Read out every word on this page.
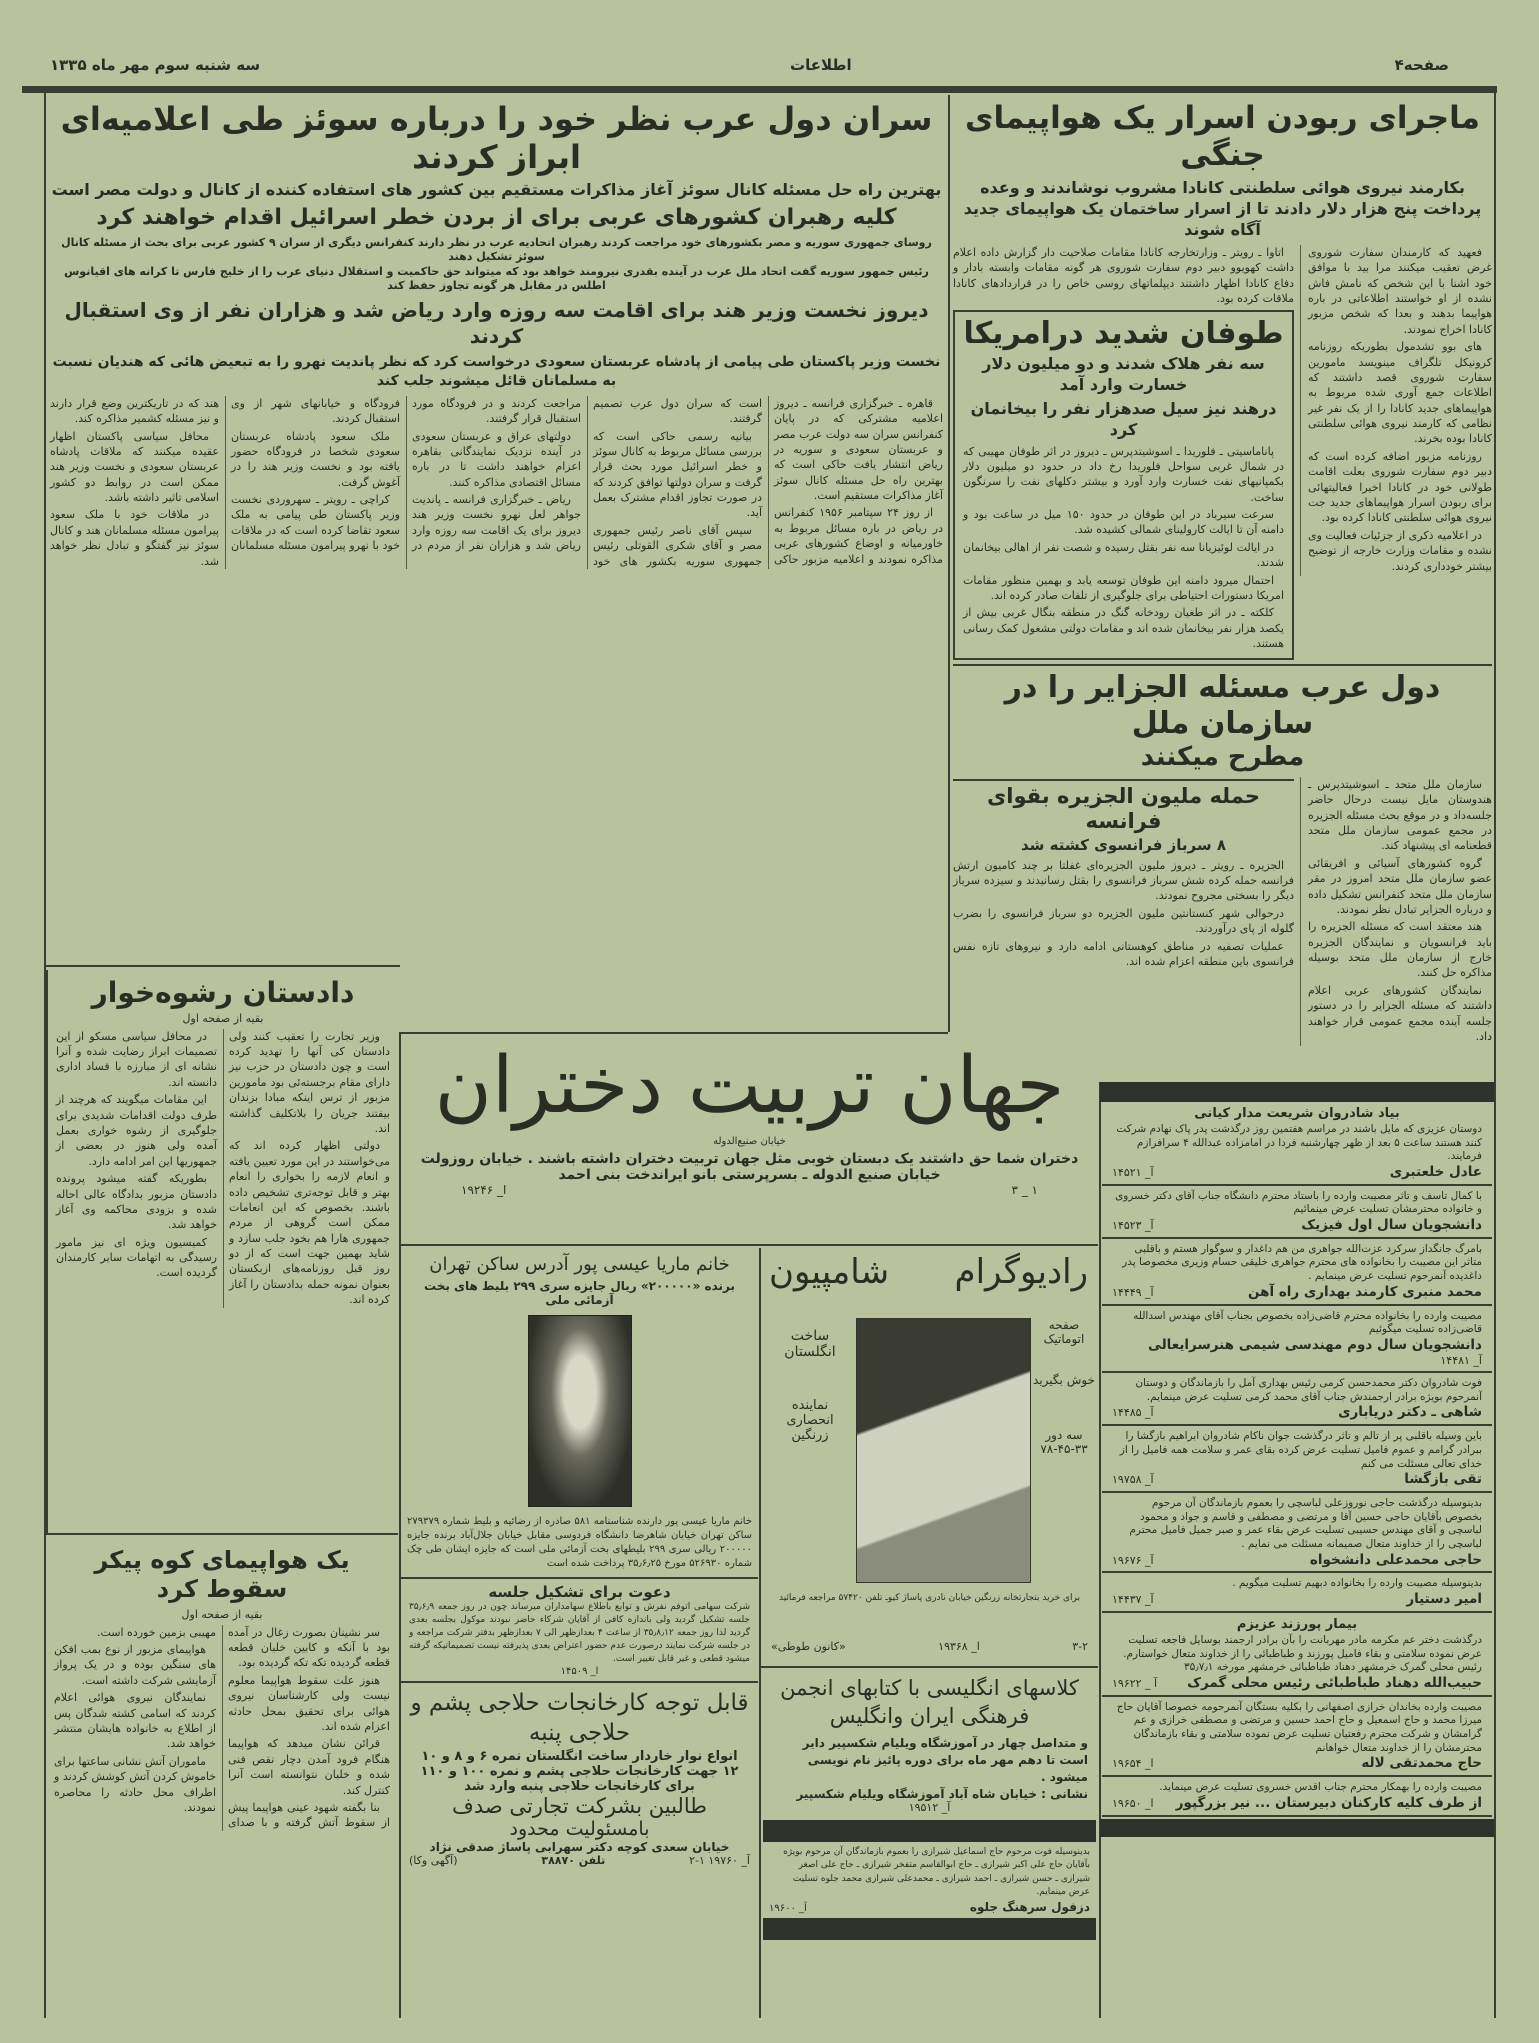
صفحه۴
اطلاعات
سه شنبه سوم مهر ماه ۱۳۳۵
ماجرای ربودن اسرار یک هواپیمای جنگی
بکارمند نیروی هوائی سلطنتی کانادا مشروب نوشاندند و وعده پرداخت پنج هزار دلار دادند تا از اسرار ساختمان یک هواپیمای جدید آگاه شوند

فعهید که کارمندان سفارت شوروی غرض تعقیب میکنند مرا بید با موافق خود اشنا با این شخص که نامش فاش نشده از او خواستند اطلاعاتی در باره هواپیما بدهند و بعدا که شخص مزبور کانادا اخراج نمودند.

های بوو تشدمول بطوریکه روزنامه کرونیکل تلگراف مینویسد مامورین سفارت شوروی قصد داشتند که اطلاعات جمع آوری شده مربوط به هواپیماهای جدید کانادا را از یک نفر غیر نظامی که کارمند نیروی هوائی سلطنتی کانادا بوده بخرند.

روزنامه مزبور اضافه کرده است که دبیر دوم سفارت شوروی بعلت اقامت طولانی خود در کانادا اخیرا فعالیتهائی برای ربودن اسرار هواپیماهای جدید جت نیروی هوائی سلطنتی کانادا کرده بود.

در اعلامیه ذکری از جزئیات فعالیت وی نشده و مقامات وزارت خارجه از توضیح بیشتر خودداری کردند.

اتاوا ـ رویتر ـ وزارتخارجه کانادا مقامات صلاحیت دار گزارش داده اعلام داشت کهویوو دبیر دوم سفارت شوروی هر گونه مقامات وابسته بادار و دفاع کانادا اظهار داشتند دیپلماتهای روسی خاص را در قراردادهای کانادا ملاقات کرده بود.

طوفان شدید درامریکا
سه نفر هلاک شدند و دو میلیون دلار خسارت وارد آمد
درهند نیز سیل صدهزار نفر را بیخانمان کرد

پاناماسیتی ـ فلوریدا ـ اسوشیتدپرس ـ دیروز در اثر طوفان مهیبی که در شمال غربی سواحل فلوریدا رخ داد در حدود دو میلیون دلار بکمپانیهای نفت خسارت وارد آورد و بیشتر دکلهای نفت را سرنگون ساخت.

سرعت سیرباد در این طوفان در حدود ۱۵۰ میل در ساعت بود و دامنه آن تا ایالت کارولینای شمالی کشیده شد.

در ایالت لوئیزیانا سه نفر بقتل رسیده و شصت نفر از اهالی بیخانمان شدند.

احتمال میرود دامنه این طوفان توسعه یابد و بهمین منظور مقامات امریکا دستورات احتیاطی برای جلوگیری از تلفات صادر کرده اند.

کلکته ـ در اثر طغیان رودخانه گنگ در منطقه بنگال غربی بیش از یکصد هزار نفر بیخانمان شده اند و مقامات دولتی مشغول کمک رسانی هستند.

دول عرب مسئله الجزایر را در سازمان ملل
مطرح میکنند

سازمان ملل متحد ـ اسوشیتدپرس ـ هندوستان مایل نیست درحال حاضر جلسه‌داد و در موقع بحث مسئله الجزیره در مجمع عمومی سازمان ملل متحد قطعنامه ای پیشنهاد کند.

گروه کشورهای آسیائی و افریقائی عضو سازمان ملل متحد امروز در مقر سازمان ملل متحد کنفرانس تشکیل داده و درباره الجزایر تبادل نظر نمودند.

هند معتقد است که مسئله الجزیره را باید فرانسویان و نمایندگان الجزیره خارج از سازمان ملل متحد بوسیله مذاکره حل کنند.

نمایندگان کشورهای عربی اعلام داشتند که مسئله الجزایر را در دستور جلسه آینده مجمع عمومی قرار خواهند داد.

حمله ملیون الجزیره بقوای فرانسه
۸ سرباز فرانسوی کشته شد

الجزیره ـ رویتر ـ دیروز ملیون الجزیره‌ای غفلتا بر چند کامیون ارتش فرانسه حمله کرده شش سرباز فرانسوی را بقتل رسانیدند و سیزده سرباز دیگر را بسختی مجروح نمودند.

درحوالی شهر کنستانتین ملیون الجزیره دو سرباز فرانسوی را بضرب گلوله از پای درآوردند.

عملیات تصفیه در مناطق کوهستانی ادامه دارد و نیروهای تازه نفس فرانسوی باین منطقه اعزام شده اند.

سران دول عرب نظر خود را درباره سوئز طی اعلامیه‌ای ابراز کردند
بهترین راه حل مسئله کانال سوئز آغاز مذاکرات مستقیم بین کشور های استفاده کننده از کانال و دولت مصر است
کلیه رهبران کشورهای عربی برای از بردن خطر اسرائیل اقدام خواهند کرد
روسای جمهوری سوریه و مصر بکشورهای خود مراجعت کردند رهبران اتحادیه عرب در نظر دارند کنفرانس دیگری از سران ۹ کشور عربی برای بحث از مسئله کانال سوئز تشکیل دهند
رئیس جمهور سوریه گفت اتحاد ملل عرب در آینده بقدری نیرومند خواهد بود که میتواند حق حاکمیت و استقلال دنیای عرب را از خلیج فارس تا کرانه های اقیانوس اطلس در مقابل هر گونه تجاوز حفظ کند
دیروز نخست وزیر هند برای اقامت سه روزه وارد ریاض شد و هزاران نفر از وی استقبال کردند
نخست وزیر پاکستان طی پیامی از پادشاه عربستان سعودی درخواست کرد که نظر پاندیت نهرو را به تبعیض هائی که هندیان نسبت به مسلمانان قائل میشوند جلب کند

قاهره ـ خبرگزاری فرانسه ـ دیروز اعلامیه مشترکی که در پایان کنفرانس سران سه دولت عرب مصر و عربستان سعودی و سوریه در ریاض انتشار یافت حاکی است که بهترین راه حل مسئله کانال سوئز آغاز مذاکرات مستقیم است.

از روز ۲۴ سپتامبر ۱۹۵۶ کنفرانس در ریاض در باره مسائل مربوط به خاورمیانه و اوضاع کشورهای عربی مذاکره نمودند و اعلامیه مزبور حاکی است که سران دول عرب تصمیم گرفتند.

بیانیه رسمی حاکی است که بررسی مسائل مربوط به کانال سوئز و خطر اسرائیل مورد بحث قرار گرفت و سران دولتها توافق کردند که در صورت تجاوز اقدام مشترک بعمل آید.

سپس آقای ناصر رئیس جمهوری مصر و آقای شکری القوتلی رئیس جمهوری سوریه بکشور های خود مراجعت کردند و در فرودگاه مورد استقبال قرار گرفتند.

دولتهای عراق و عربستان سعودی در آینده نزدیک نمایندگانی بقاهره اعزام خواهند داشت تا در باره مسائل اقتصادی مذاکره کنند.

ریاض ـ خبرگزاری فرانسه ـ پاندیت جواهر لعل نهرو نخست وزیر هند دیروز برای یک اقامت سه روزه وارد ریاض شد و هزاران نفر از مردم در فرودگاه و خیابانهای شهر از وی استقبال کردند.

ملک سعود پادشاه عربستان سعودی شخصا در فرودگاه حضور یافته بود و نخست وزیر هند را در آغوش گرفت.

کراچی ـ رویتر ـ سهروردی نخست وزیر پاکستان طی پیامی به ملک سعود تقاضا کرده است که در ملاقات خود با نهرو پیرامون مسئله مسلمانان هند که در تاریکترین وضع قرار دارند و نیز مسئله کشمیر مذاکره کند.

محافل سیاسی پاکستان اظهار عقیده میکنند که ملاقات پادشاه عربستان سعودی و نخست وزیر هند ممکن است در روابط دو کشور اسلامی تاثیر داشته باشد.

در ملاقات خود با ملک سعود پیرامون مسئله مسلمانان هند و کانال سوئز نیز گفتگو و تبادل نظر خواهد شد.

دادستان رشوه‌خوار
بقیه از صفحه اول

وزیر تجارت را تعقیب کنند ولی دادستان کی آنها را تهدید کرده است و چون دادستان در حزب نیز دارای مقام برجسته‌ئی بود مامورین مزبور از ترس اینکه مبادا بزندان بیفتند جریان را بلاتکلیف گذاشته اند.

دولتی اظهار کرده اند که می‌خواستند در این مورد تعیین یافته و انعام لازمه را بخواری را انعام بهتر و قابل توجه‌تری تشخیص داده باشند. بخصوص که این انعامات ممکن است گروهی از مردم جمهوری هارا هم بخود جلب سازد و شاید بهمین جهت است که از دو روز قبل روزنامه‌های ازبکستان بعنوان نمونه حمله بدادستان را آغاز کرده اند.

در محافل سیاسی مسکو از این تصمیمات ابراز رضایت شده و آنرا نشانه ای از مبارزه با فساد اداری دانسته اند.

این مقامات میگویند که هرچند از طرف دولت اقدامات شدیدی برای جلوگیری از رشوه خواری بعمل آمده ولی هنوز در بعضی از جمهوریها این امر ادامه دارد.

بطوریکه گفته میشود پرونده دادستان مزبور بدادگاه عالی احاله شده و بزودی محاکمه وی آغاز خواهد شد.

کمیسیون ویژه ای نیز مامور رسیدگی به اتهامات سایر کارمندان گردیده است.

یک هواپیمای کوه پیکر سقوط کرد
بقیه از صفحه اول

سر نشینان بصورت زغال در آمده بود با آنکه و کابین خلبان قطعه قطعه گردیده تکه تکه گردیده بود.

هنوز علت سقوط هواپیما معلوم نیست ولی کارشناسان نیروی هوائی برای تحقیق بمحل حادثه اعزام شده اند.

قرائن نشان میدهد که هواپیما هنگام فرود آمدن دچار نقص فنی شده و خلبان نتوانسته است آنرا کنترل کند.

بنا بگفته شهود عینی هواپیما پیش از سقوط آتش گرفته و با صدای مهیبی بزمین خورده است.

هواپیمای مزبور از نوع بمب افکن های سنگین بوده و در یک پرواز آزمایشی شرکت داشته است.

نمایندگان نیروی هوائی اعلام کردند که اسامی کشته شدگان پس از اطلاع به خانواده هایشان منتشر خواهد شد.

ماموران آتش نشانی ساعتها برای خاموش کردن آتش کوشش کردند و اطراف محل حادثه را محاصره نمودند.

جهان تربیت دختران
خیابان صنیع‌الدوله
دختران شما حق داشتند یک دبستان خوبی مثل جهان تربیت دختران داشته باشند . خیابان روزولت
خیابان صنیع الدوله ـ بسرپرستی بانو ایراندخت بنی احمد
۱ _ ۳
ا_ ۱۹۲۴۶
خانم ماریا عیسی پور آدرس ساکن تهران
برنده «۲۰۰۰۰۰» ریال جایزه سری ۲۹۹ بلیط های بخت آزمائی ملی
خانم ماریا عیسی پور دارنده شناسنامه ۵۸۱ صادره از رضائیه و بلیط شماره ۲۷۹۳۷۹ ساکن تهران خیابان شاهرضا دانشگاه فردوسی مقابل خیابان جلال‌آباد برنده جایزه ۲۰۰۰۰۰ ریالی سری ۲۹۹ بلیطهای بخت آزمائی ملی است که جایزه ایشان طی چک شماره ۵۲۶۹۳۰ مورخ ۳۵٫۶٫۲۵ پرداخت شده است
دعوت برای تشکیل جلسه
شرکت سهامی اتوفم نفرش و توابع باطلاع سهامداران میرساند چون در روز جمعه ۳۵٫۶٫۹ جلسه تشکیل گردید ولی باندازه کافی از آقایان شرکاء حاضر نبودند موکول بجلسه بعدی گردید لذا روز جمعه ۳۵٫۸٫۱۲ از ساعت ۴ بعدازظهر الی ۷ بعدازظهر بدفتر شرکت مراجعه و در جلسه شرکت نمایند درصورت عدم حضور اعتراض بعدی پذیرفته نیست تصمیماتیکه گرفته میشود قطعی و غیر قابل تغییر است.
ا_ ۱۴۵۰۹
قابل توجه کارخانجات حلاجی پشم و حلاجی پنبه
انواع نوار خاردار ساخت انگلستان نمره ۶ و ۸ و ۱۰
۱۲ جهت کارخانجات حلاجی پشم و نمره ۱۰۰ و ۱۱۰
برای کارخانجات حلاجی پنبه وارد شد
طالبین بشرکت تجارتی صدف
بامسئولیت محدود
خیابان سعدی کوچه دکتر سهرابی پاساژ صدقی نژاد
آ_ ۱۹۷۶۰ ۱-۲
تلفن ۳۸۸۷۰
(آگهی وکا)
رادیوگرام
شامپیون
ساخت انگلستان
نماینده انحصاری زرنگین
صفحه اتوماتیک
خوش بگیرید
سه دور ۳۳-۴۵-۷۸
برای خرید بتجارتخانه زرنگین خیابان نادری پاساژ کیوـ تلفن ۵۷۴۲۰ مراجعه فرمائید
۳-۲
ا_ ۱۹۳۶۸
«کانون طوطی»
کلاسهای انگلیسی با کتابهای انجمن فرهنگی ایران وانگلیس
و متداصل چهار در آموزشگاه ویلیام شکسپیر دایر است تا دهم مهر ماه برای دوره پائیز نام نویسی میشود .
نشانی : خیابان شاه آباد آموزشگاه ویلیام شکسپیر
آ_ ۱۹۵۱۲
بدینوسیله فوت مرحوم حاج اسماعیل شیرازی را بعموم بازماندگان آن مرحوم بویژه بآقایان حاج علی اکبر شیرازی ـ حاج ابوالقاسم متفخر شیرازی ـ حاج علی اصغر شیرازی ـ حسن شیرازی ـ احمد شیرازی ـ محمدعلی شیرازی محمد جلوه تسلیت عرض مینمایم.
دزفول سرهنگ جلوه
آ_ ۱۹۶۰۰
بیاد شادروان شریعت مدار کیانی
دوستان عزیزی که مایل باشند در مراسم هفتمین روز درگذشت پدر پاک نهادم شرکت کنند هستند ساعت ۵ بعد از ظهر چهارشنبه فردا در امامزاده عبدالله ۴ سرافرازم فرمایند.
عادل خلعتبری
آ_ ۱۴۵۲۱
با کمال تاسف و تاثر مصیبت وارده را باستاد محترم دانشگاه جناب آقای دکتر خسروی و خانواده محترمشان تسلیت عرض مینمائیم
دانشجویان سال اول فیزیک
آ_ ۱۴۵۲۳
بامرگ جانگداز سرکرد عزت‌الله جواهری من هم داغدار و سوگوار هستم و باقلبی متاثر این مصیبت را بخانواده های محترم جواهری خلیقی حسام وزیری مخصوصا پدر داغدیده آنمرحوم تسلیت عرض مینمایم .
محمد منبری کارمند بهداری راه آهن
آ_ ۱۴۴۴۹
مصیبت وارده را بخانواده محترم قاضی‌زاده بخصوص بجناب آقای مهندس اسدالله قاضی‌زاده تسلیت میگوئیم
دانشجویان سال دوم مهندسی شیمی هنرسرایعالی
آ_ ۱۴۴۸۱
فوت شادروان دکتر محمدحسن کرمی رئیس بهداری آمل را بازماندگان و دوستان آنمرحوم بویژه برادر ارجمندش جناب آقای محمد کرمی تسلیت عرض مینمایم.
شاهی ـ دکتر دریاباری
آ_ ۱۴۴۸۵
باین وسیله باقلبی پر از تالم و تاثر درگذشت جوان ناکام شادروان ابراهیم بازگشا را ببرادر گرامم و عموم فامیل تسلیت عرض کرده بقای عمر و سلامت همه فامیل را از خدای تعالی مسئلت می کنم
تقی بازگشا
آ_ ۱۹۷۵۸
بدینوسیله درگذشت حاجی نوروزعلی لباسچی را بعموم بازماندگان آن مرحوم بخصوص بآقایان حاجی حسین آقا و مرتضی و مصطفی و قاسم و جواد و محمود لباسچی و آقای مهندس حسیبی تسلیت عرض بقاء عمر و صبر جمیل فامیل محترم لباسچی را از خداوند متعال صمیمانه مسئلت می نمایم .
حاجی محمدعلی دانشخواه
آ_ ۱۹۶۷۶
بدینوسیله مصیبت وارده را بخانواده دبهیم تسلیت میگویم .
امیر دستیار
آ_ ۱۴۴۳۷
بیمار پورزند عزیزم
درگذشت دختر عم مکرمه مادر مهربانت را بآن برادر ارجمند بوسایل فاجعه تسلیت عرض نموده سلامتی و بقاء فامیل پورزند و طباطبائی را از خداوند متعال خواستارم. رئیس محلی گمرک خرمشهر دهناد طباطبائی خرمشهر مورخه ۳۵٫۷٫۱
حبیب‌الله دهناد طباطبائی رئیس محلی گمرک
آ _ ۱۹۶۲۲
مصیبت وارده بخاندان خرازی اصفهانی را بکلیه بستگان آنمرحومه خصوصا آقایان حاج میرزا محمد و حاج اسمعیل و حاج احمد حسین و مرتضی و مصطفی خرازی و عم گرامشان و شرکت محترم رفعتیان تسلیت عرض نموده سلامتی و بقاء بازماندگان محترمشان را از خداوند متعال خواهانم
حاج محمدتقی لاله
ا_ ۱۹۶۵۴
مصیبت وارده را بهمکار محترم جناب اقدس خسروی تسلیت عرض مینماید.
از طرف کلیه کارکنان دبیرستان ... نیر بزرگپور
ا_ ۱۹۶۵۰
